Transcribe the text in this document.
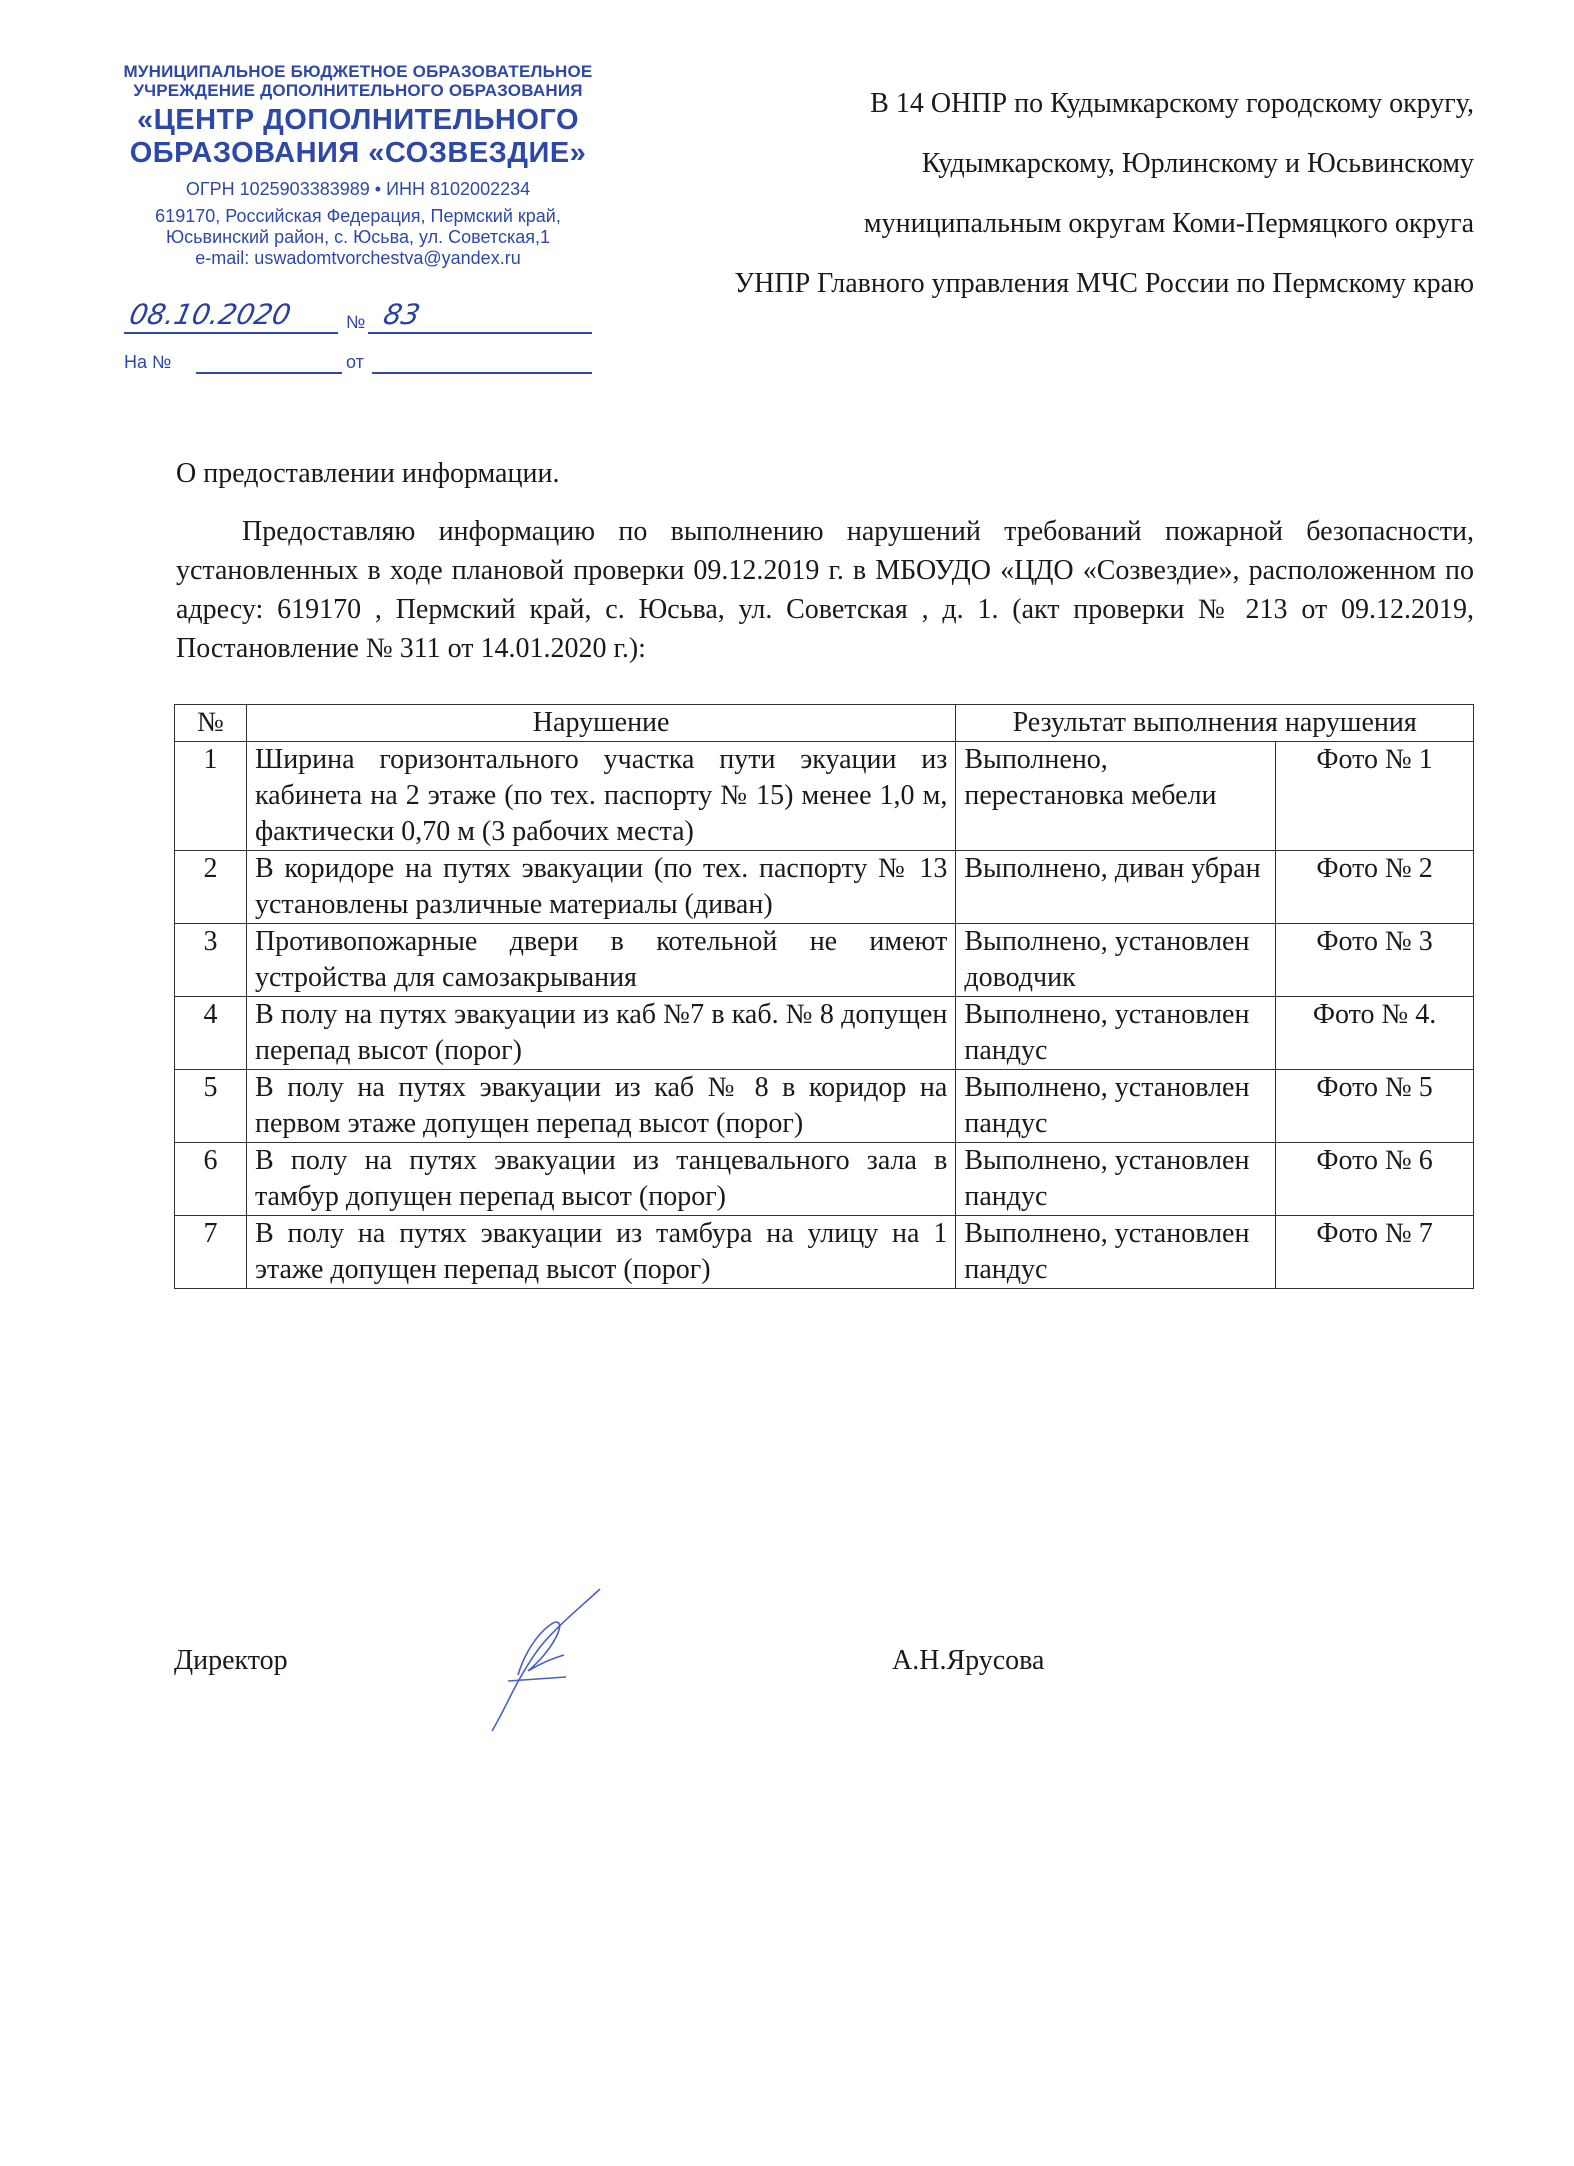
МУНИЦИПАЛЬНОЕ БЮДЖЕТНОЕ ОБРАЗОВАТЕЛЬНОЕ
УЧРЕЖДЕНИЕ ДОПОЛНИТЕЛЬНОГО ОБРАЗОВАНИЯ
«ЦЕНТР ДОПОЛНИТЕЛЬНОГО
ОБРАЗОВАНИЯ «СОЗВЕЗДИЕ»
ОГРН 1025903383989 • ИНН 8102002234
619170, Российская Федерация, Пермский край,
Юсьвинский район, с. Юсьва, ул. Советская,1
e-mail: uswadomtvorchestva@yandex.ru
08.10.2020	№ 83
На №	от
В 14 ОНПР по Кудымкарскому городскому округу,
Кудымкарскому, Юрлинскому и Юсьвинскому
муниципальным округам Коми-Пермяцкого округа
УНПР Главного управления МЧС России по Пермскому краю
О предоставлении информации.
Предоставляю информацию по выполнению нарушений требований пожарной безопасности, установленных в ходе плановой проверки 09.12.2019 г. в МБОУДО «ЦДО «Созвездие», расположенном по адресу: 619170 , Пермский край, с. Юсьва, ул. Советская , д. 1. (акт проверки № 213 от 09.12.2019, Постановление № 311 от 14.01.2020 г.):
№	Нарушение	Результат выполнения нарушения	
1	Ширина горизонтального участка пути экуации из кабинета на 2 этаже (по тех. паспорту № 15) менее 1,0 м, фактически 0,70 м (3 рабочих места)	Выполнено, перестановка мебели	Фото № 1
2	В коридоре на путях эвакуации (по тех. паспорту № 13 установлены различные материалы (диван)	Выполнено, диван убран	Фото № 2
3	Противопожарные двери в котельной не имеют устройства для самозакрывания	Выполнено, установлен доводчик	Фото № 3
4	В полу на путях эвакуации из каб №7 в каб. № 8 допущен перепад высот (порог)	Выполнено, установлен пандус	Фото № 4.
5	В полу на путях эвакуации из каб № 8 в коридор на первом этаже допущен перепад высот (порог)	Выполнено, установлен пандус	Фото № 5
6	В полу на путях эвакуации из танцевального зала в тамбур допущен перепад высот (порог)	Выполнено, установлен пандус	Фото № 6
7	В полу на путях эвакуации из тамбура на улицу на 1 этаже допущен перепад высот (порог)	Выполнено, установлен пандус	Фото № 7
Директор	А.Н.Ярусова
